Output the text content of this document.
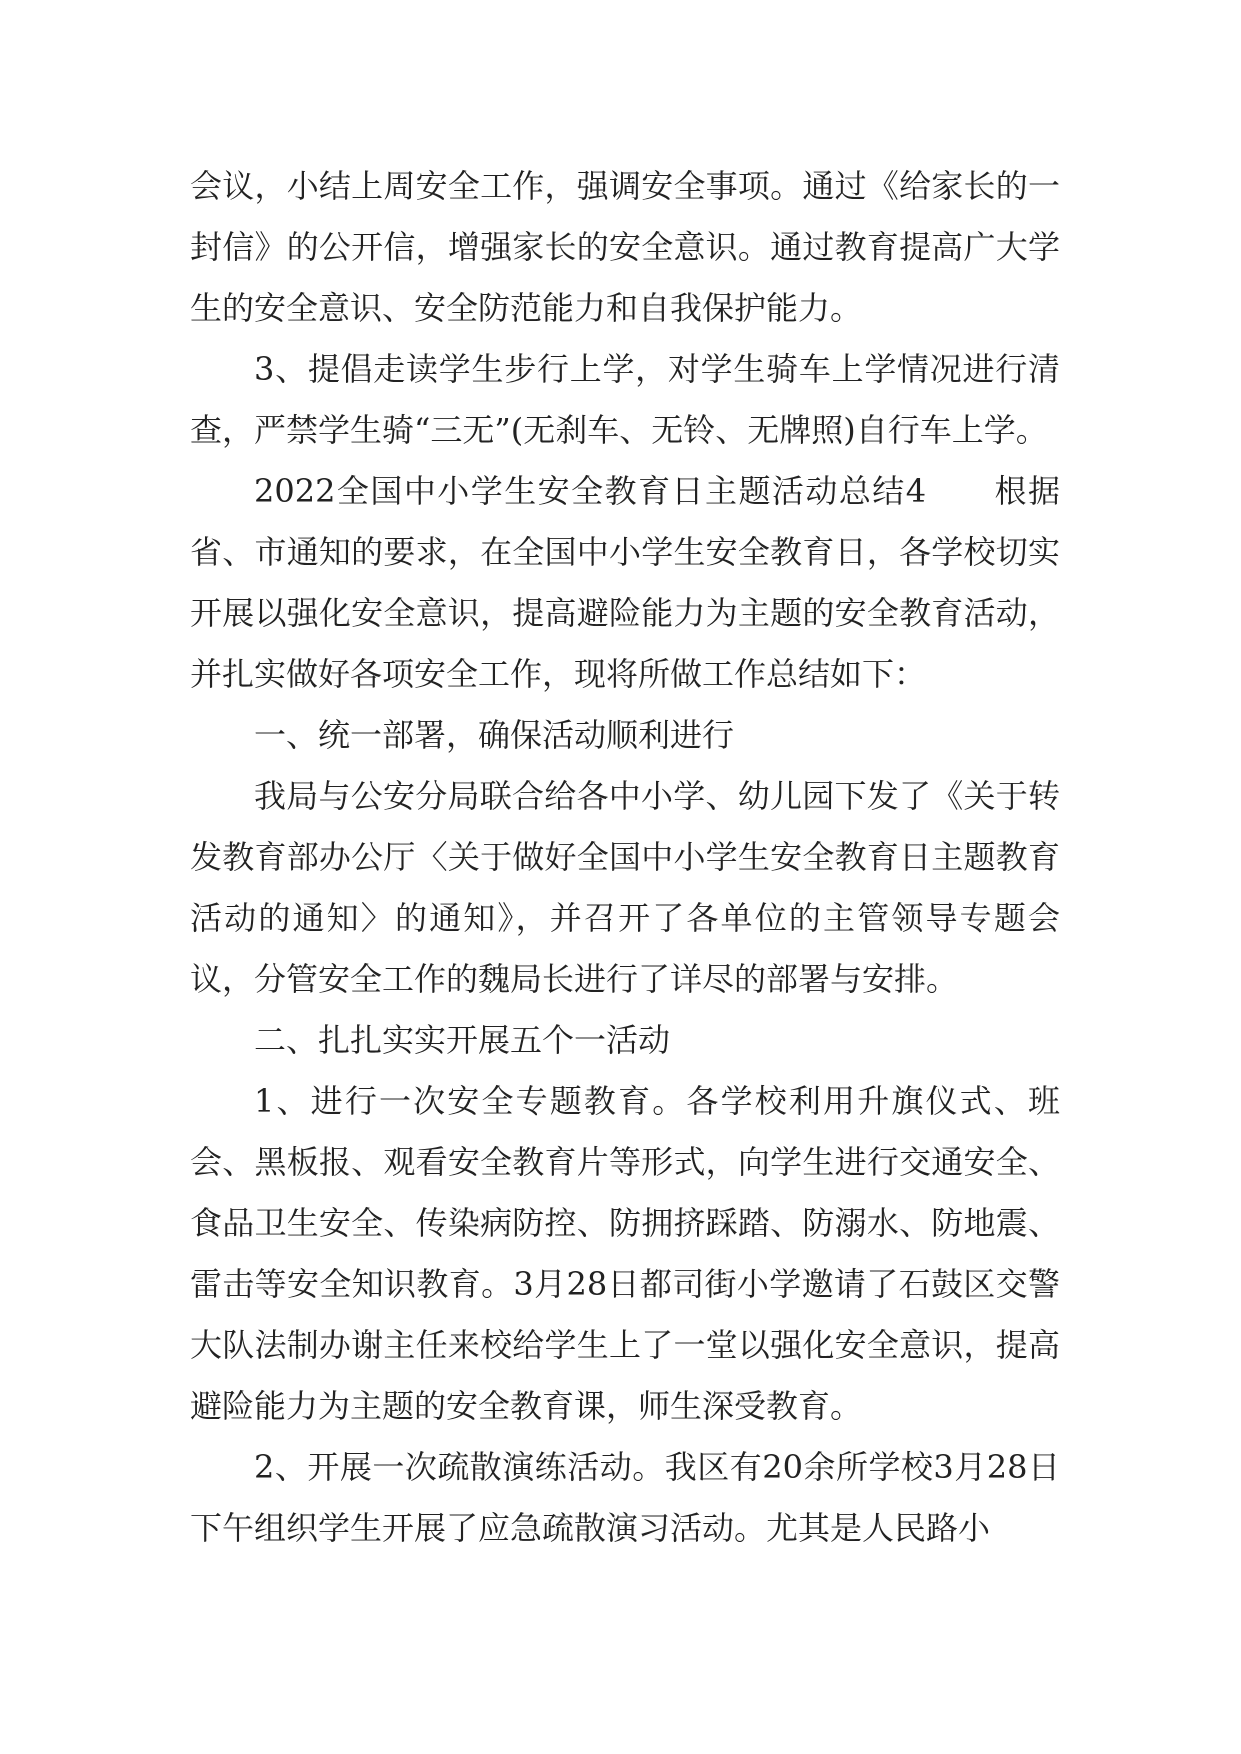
会议，小结上周安全工作，强调安全事项。通过《给家长的一封信》的公开信，增强家长的安全意识。通过教育提高广大学生的安全意识、安全防范能力和自我保护能力。

3、提倡走读学生步行上学，对学生骑车上学情况进行清查，严禁学生骑“三无”(无刹车、无铃、无牌照)自行车上学。

2022全国中小学生安全教育日主题活动总结4　　根据省、市通知的要求，在全国中小学生安全教育日，各学校切实开展以强化安全意识，提高避险能力为主题的安全教育活动，并扎实做好各项安全工作，现将所做工作总结如下：

一、统一部署，确保活动顺利进行

我局与公安分局联合给各中小学、幼儿园下发了《关于转发教育部办公厅〈关于做好全国中小学生安全教育日主题教育活动的通知〉的通知》，并召开了各单位的主管领导专题会议，分管安全工作的魏局长进行了详尽的部署与安排。

二、扎扎实实开展五个一活动

1、进行一次安全专题教育。各学校利用升旗仪式、班会、黑板报、观看安全教育片等形式，向学生进行交通安全、食品卫生安全、传染病防控、防拥挤踩踏、防溺水、防地震、雷击等安全知识教育。3月28日都司街小学邀请了石鼓区交警大队法制办谢主任来校给学生上了一堂以强化安全意识，提高避险能力为主题的安全教育课，师生深受教育。

2、开展一次疏散演练活动。我区有20余所学校3月28日下午组织学生开展了应急疏散演习活动。尤其是人民路小
